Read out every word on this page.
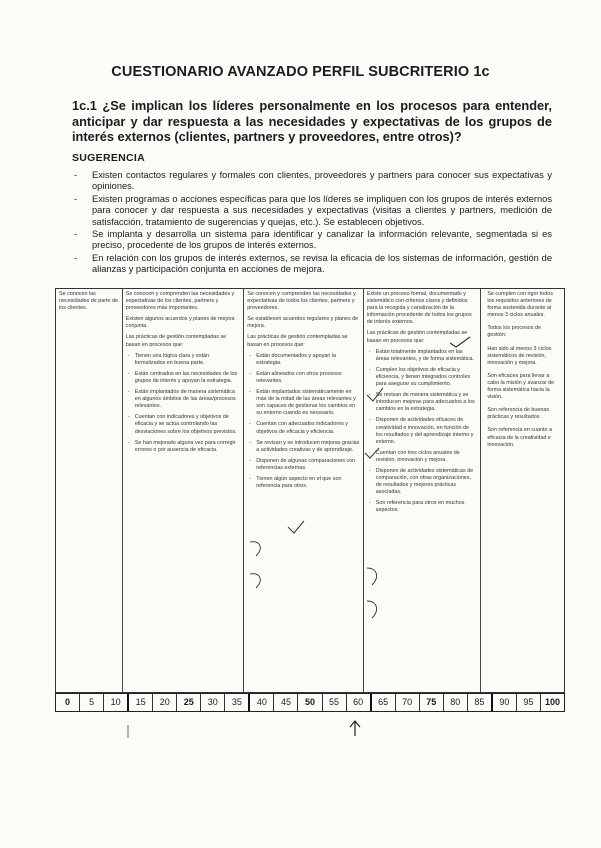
CUESTIONARIO AVANZADO PERFIL SUBCRITERIO 1c
1c.1 ¿Se implican los líderes personalmente en los procesos para entender, anticipar y dar respuesta a las necesidades y expectativas de los grupos de interés externos (clientes, partners y proveedores, entre otros)?
SUGERENCIA
- Existen contactos regulares y formales con clientes, proveedores y partners para conocer sus expectativas y opiniones.
- Existen programas o acciones específicas para que los líderes se impliquen con los grupos de interés externos para conocer y dar respuesta a sus necesidades y expectativas (visitas a clientes y partners, medición de satisfacción, tratamiento de sugerencias y quejas, etc.). Se establecen objetivos.
- Se implanta y desarrolla un sistema para identificar y canalizar la información relevante, segmentada si es preciso, procedente de los grupos de interés externos.
- En relación con los grupos de interés externos, se revisa la eficacia de los sistemas de información, gestión de alianzas y participación conjunta en acciones de mejora.

Se conocen las necesidades de parte de los clientes.

Se conocen y comprenden las necesidades y expectativas de los clientes, partners y proveedores más importantes.

Existen algunos acuerdos y planes de mejora conjunta.

Las prácticas de gestión contempladas se basan en procesos que:

- Tienen una lógica clara y están formalizados en buena parte.
- Están centrados en las necesidades de los grupos de interés y apoyan la estrategia.
- Están implantados de manera sistemática en algunos ámbitos de las áreas/procesos relevantes.
- Cuentan con indicadores y objetivos de eficacia y se actúa controlando las desviaciones sobre los objetivos previstos.
- Se han mejorado alguna vez para corregir errores o por ausencia de eficacia.

Se conocen y comprenden las necesidades y expectativas de todos los clientes, partners y proveedores.

Se establecen acuerdos regulares y planes de mejora.

Las prácticas de gestión contempladas se basan en procesos que:

- Están documentados y apoyan la estrategia.
- Están alineados con otros procesos relevantes.
- Están implantados sistemáticamente en más de la mitad de las áreas relevantes y son capaces de gestionar los cambios en su entorno cuando es necesario.
- Cuentan con adecuados indicadores y objetivos de eficacia y eficiencia.
- Se revisan y se introducen mejoras gracias a actividades creativas y de aprendizaje.
- Disponen de algunas comparaciones con referencias externas.
- Tienen algún aspecto en el que son referencia para otros.

Existe un proceso formal, documentado y sistemático con criterios claros y definidos para la recogida y canalización de la información procedente de todos los grupos de interés externos.

Las prácticas de gestión contempladas se basan en procesos que:

- Están totalmente implantados en las áreas relevantes, y de forma sistemática.
- Cumplen los objetivos de eficacia y eficiencia, y tienen integrados controles para asegurar su cumplimiento.
- Se revisan de manera sistemática y se introducen mejoras para adecuarlos a los cambios en la estrategia.
- Disponen de actividades eficaces de creatividad e innovación, en función de los resultados y del aprendizaje interno y externo.
- Cuentan con tres ciclos anuales de revisión, innovación y mejora.
- Disponen de actividades sistemáticas de comparación, con otras organizaciones, de resultados y mejores prácticas asociadas.
- Son referencia para otros en muchos aspectos.

Se cumplen con rigor todos los requisitos anteriores de forma sostenida durante al menos 3 ciclos anuales.

Todos los procesos de gestión:

Han sido al menos 3 ciclos sistemáticos de revisión, innovación y mejora.

Son eficaces para llevar a cabo la misión y avanzar de forma sistemática hacia la visión.

Son referencia de buenas prácticas y resultados.

Son referencia en cuanto a eficacia de la creatividad e innovación.

0	5	10	15	20	25	30	35	40	45	50	55	60	65	70	75	80	85	90	95	100
